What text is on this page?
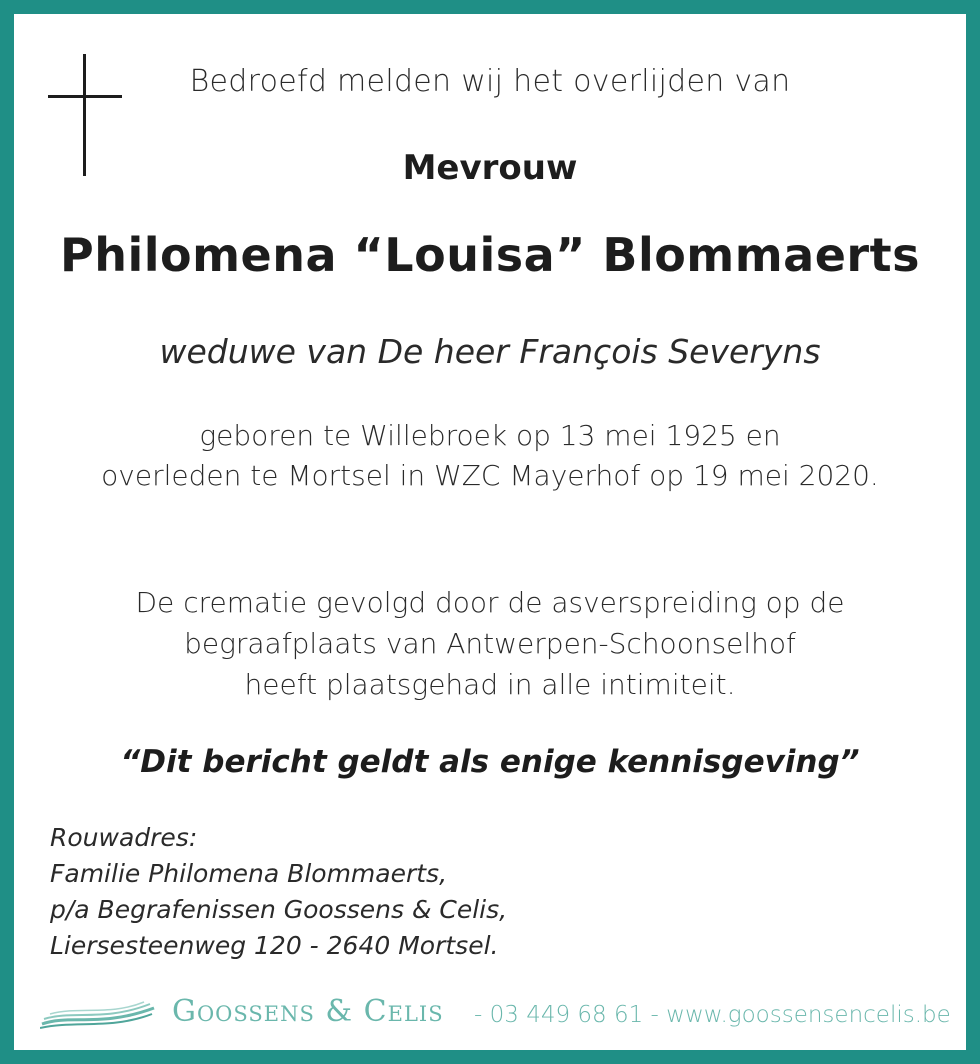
Bedroefd melden wij het overlijden van
Mevrouw
Philomena “Louisa” Blommaerts
weduwe van De heer François Severyns
geboren te Willebroek op 13 mei 1925 en
overleden te Mortsel in WZC Mayerhof op 19 mei 2020.
De crematie gevolgd door de asverspreiding op de
begraafplaats van Antwerpen-Schoonselhof
heeft plaatsgehad in alle intimiteit.
“Dit bericht geldt als enige kennisgeving”
Rouwadres:
Familie Philomena Blommaerts,
p/a Begrafenissen Goossens & Celis,
Liersesteenweg 120 - 2640 Mortsel.
Goossens & Celis - 03 449 68 61 - www.goossensencelis.be
